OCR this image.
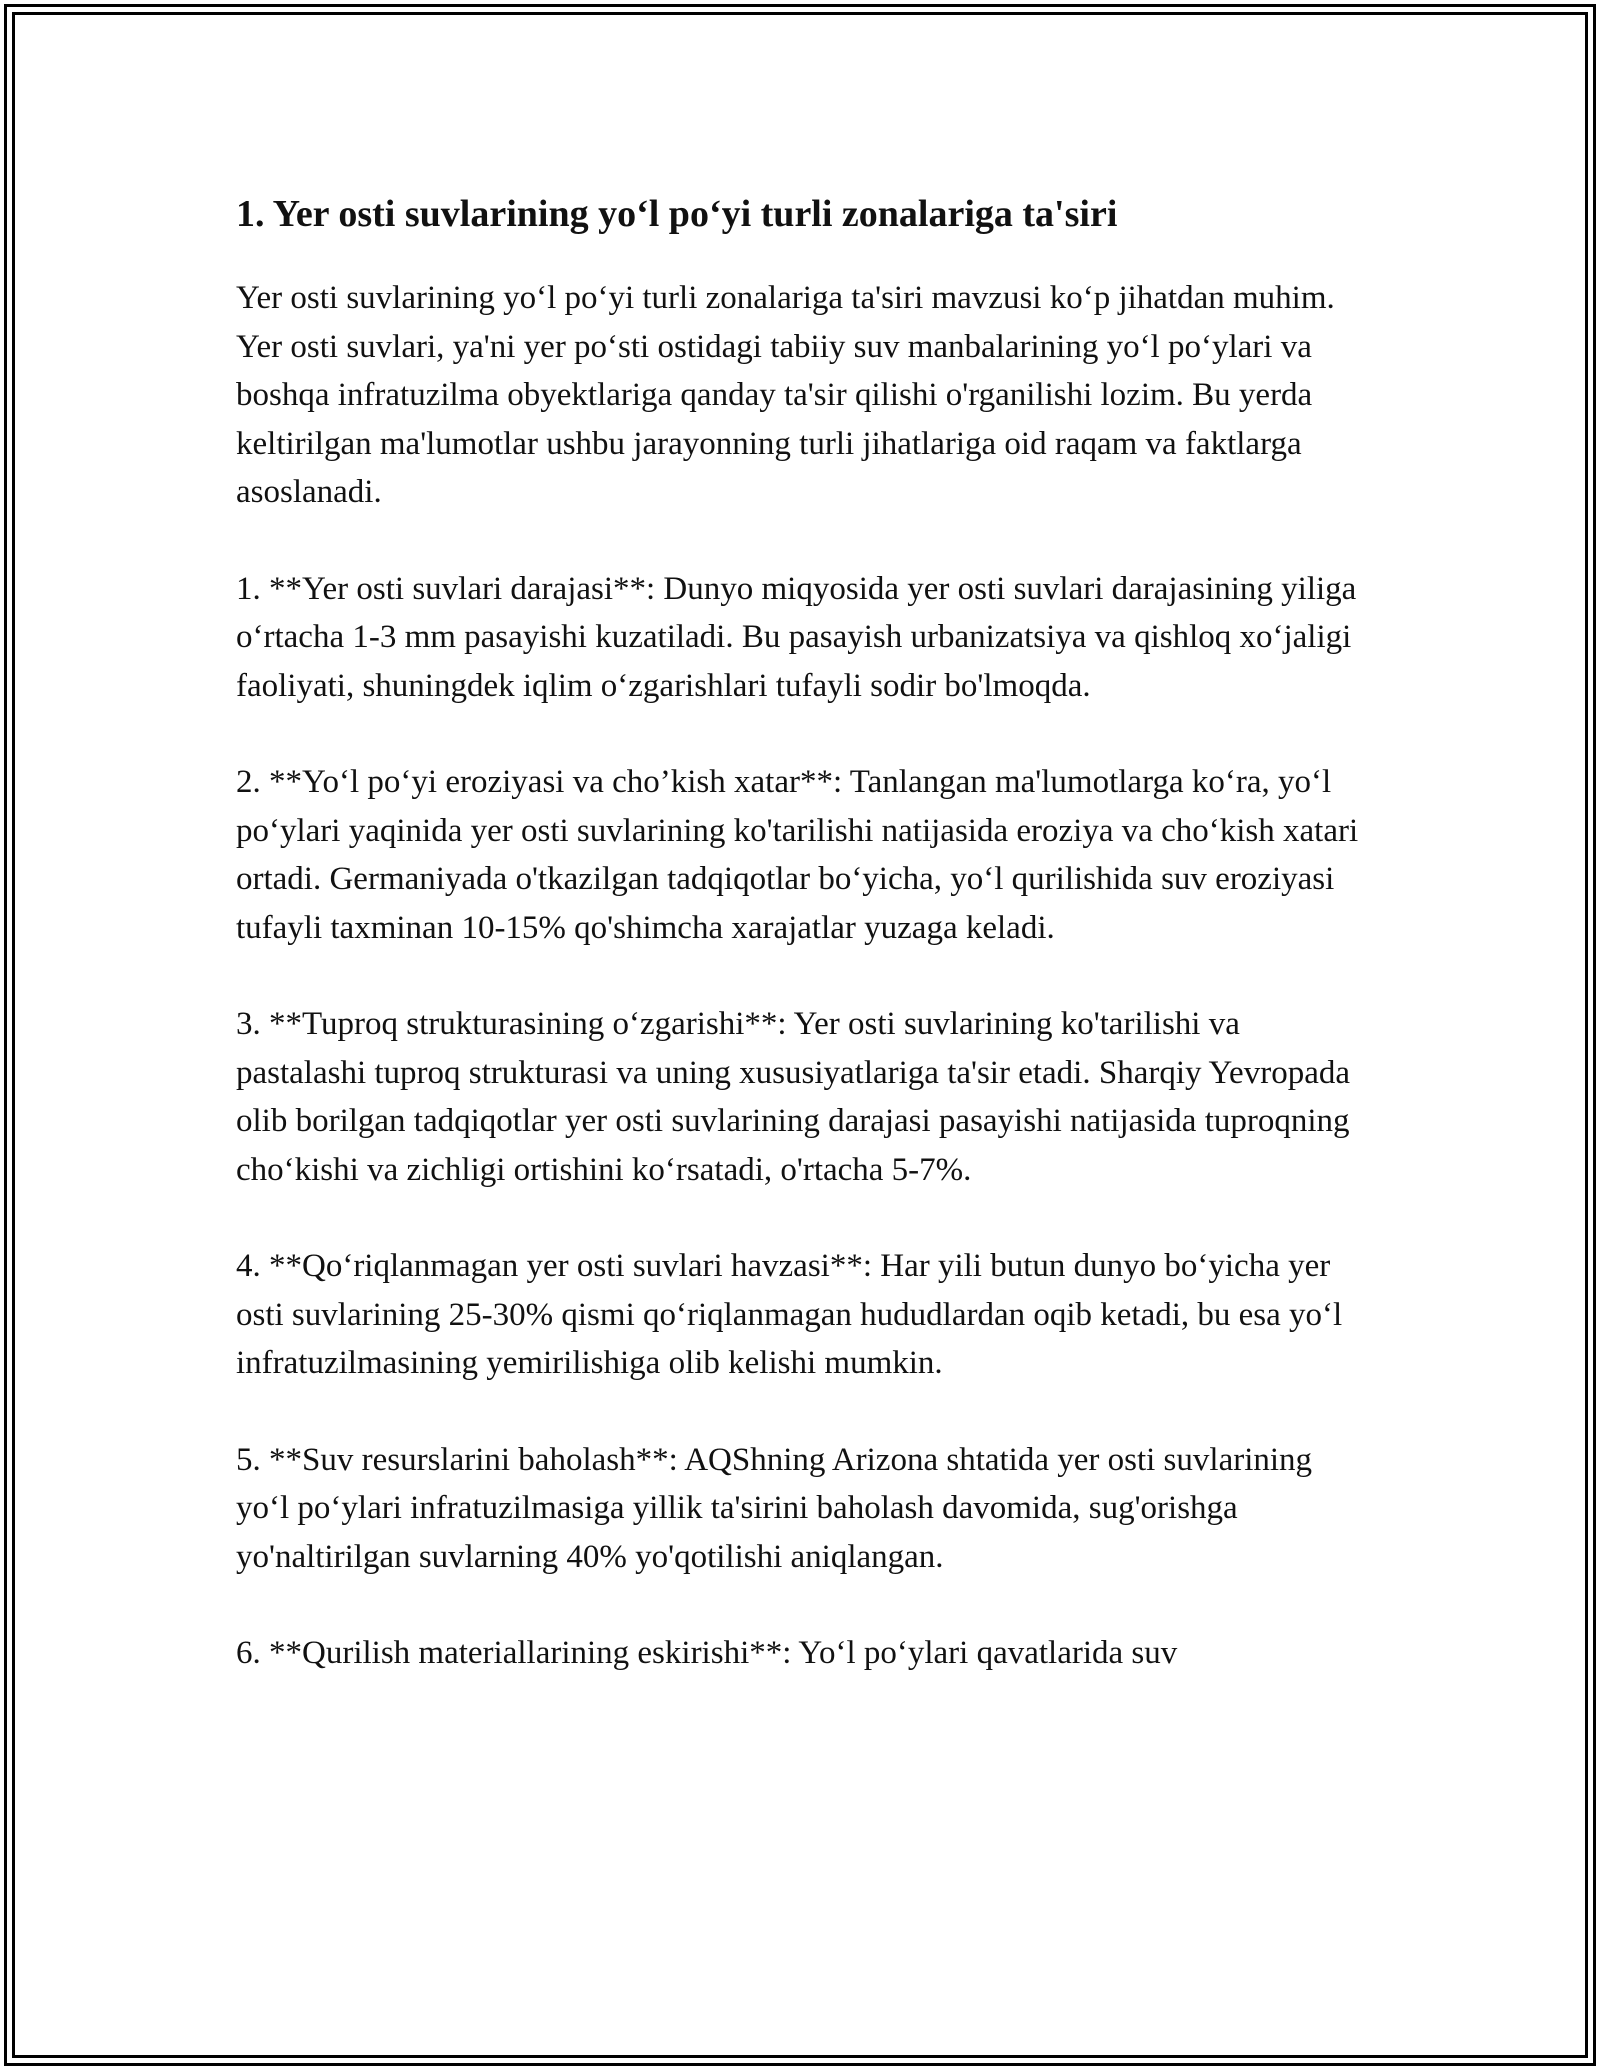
1. Yer osti suvlarining yo‘l po‘yi turli zonalariga ta'siri

Yer osti suvlarining yo‘l po‘yi turli zonalariga ta'siri mavzusi ko‘p jihatdan muhim. Yer osti suvlari, ya'ni yer po‘sti ostidagi tabiiy suv manbalarining yo‘l po‘ylari va boshqa infratuzilma obyektlariga qanday ta'sir qilishi o'rganilishi lozim. Bu yerda keltirilgan ma'lumotlar ushbu jarayonning turli jihatlariga oid raqam va faktlarga asoslanadi.

1. **Yer osti suvlari darajasi**: Dunyo miqyosida yer osti suvlari darajasining yiliga o‘rtacha 1-3 mm pasayishi kuzatiladi. Bu pasayish urbanizatsiya va qishloq xo‘jaligi faoliyati, shuningdek iqlim o‘zgarishlari tufayli sodir bo'lmoqda.

2. **Yo‘l po‘yi eroziyasi va cho’kish xatar**: Tanlangan ma'lumotlarga ko‘ra, yo‘l po‘ylari yaqinida yer osti suvlarining ko'tarilishi natijasida eroziya va cho‘kish xatari ortadi. Germaniyada o'tkazilgan tadqiqotlar bo‘yicha, yo‘l qurilishida suv eroziyasi tufayli taxminan 10-15% qo'shimcha xarajatlar yuzaga keladi.

3. **Tuproq strukturasining o‘zgarishi**: Yer osti suvlarining ko'tarilishi va pastalashi tuproq strukturasi va uning xususiyatlariga ta'sir etadi. Sharqiy Yevropada olib borilgan tadqiqotlar yer osti suvlarining darajasi pasayishi natijasida tuproqning cho‘kishi va zichligi ortishini ko‘rsatadi, o'rtacha 5-7%.

4. **Qo‘riqlanmagan yer osti suvlari havzasi**: Har yili butun dunyo bo‘yicha yer osti suvlarining 25-30% qismi qo‘riqlanmagan hududlardan oqib ketadi, bu esa yo‘l infratuzilmasining yemirilishiga olib kelishi mumkin.

5. **Suv resurslarini baholash**: AQShning Arizona shtatida yer osti suvlarining yo‘l po‘ylari infratuzilmasiga yillik ta'sirini baholash davomida, sug'orishga yo'naltirilgan suvlarning 40% yo'qotilishi aniqlangan.

6. **Qurilish materiallarining eskirishi**: Yo‘l po‘ylari qavatlarida suv
